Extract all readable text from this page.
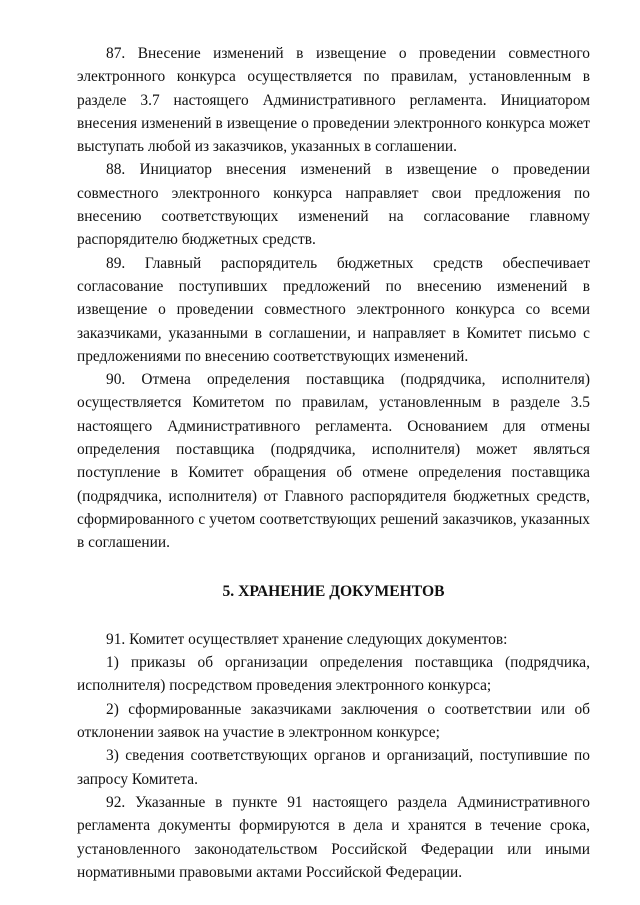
87. Внесение изменений в извещение о проведении совместного электронного конкурса осуществляется по правилам, установленным в разделе 3.7 настоящего Административного регламента. Инициатором внесения изменений в извещение о проведении электронного конкурса может выступать любой из заказчиков, указанных в соглашении.

88. Инициатор внесения изменений в извещение о проведении совместного электронного конкурса направляет свои предложения по внесению соответствующих изменений на согласование главному распорядителю бюджетных средств.

89. Главный распорядитель бюджетных средств обеспечивает согласование поступивших предложений по внесению изменений в извещение о проведении совместного электронного конкурса со всеми заказчиками, указанными в соглашении, и направляет в Комитет письмо с предложениями по внесению соответствующих изменений.

90. Отмена определения поставщика (подрядчика, исполнителя) осуществляется Комитетом по правилам, установленным в разделе 3.5 настоящего Административного регламента. Основанием для отмены определения поставщика (подрядчика, исполнителя) может являться поступление в Комитет обращения об отмене определения поставщика (подрядчика, исполнителя) от Главного распорядителя бюджетных средств, сформированного с учетом соответствующих решений заказчиков, указанных в соглашении.

5. ХРАНЕНИЕ ДОКУМЕНТОВ

91. Комитет осуществляет хранение следующих документов:

1) приказы об организации определения поставщика (подрядчика, исполнителя) посредством проведения электронного конкурса;

2) сформированные заказчиками заключения о соответствии или об отклонении заявок на участие в электронном конкурсе;

3) сведения соответствующих органов и организаций, поступившие по запросу Комитета.

92. Указанные в пункте 91 настоящего раздела Административного регламента документы формируются в дела и хранятся в течение срока, установленного законодательством Российской Федерации или иными нормативными правовыми актами Российской Федерации.
